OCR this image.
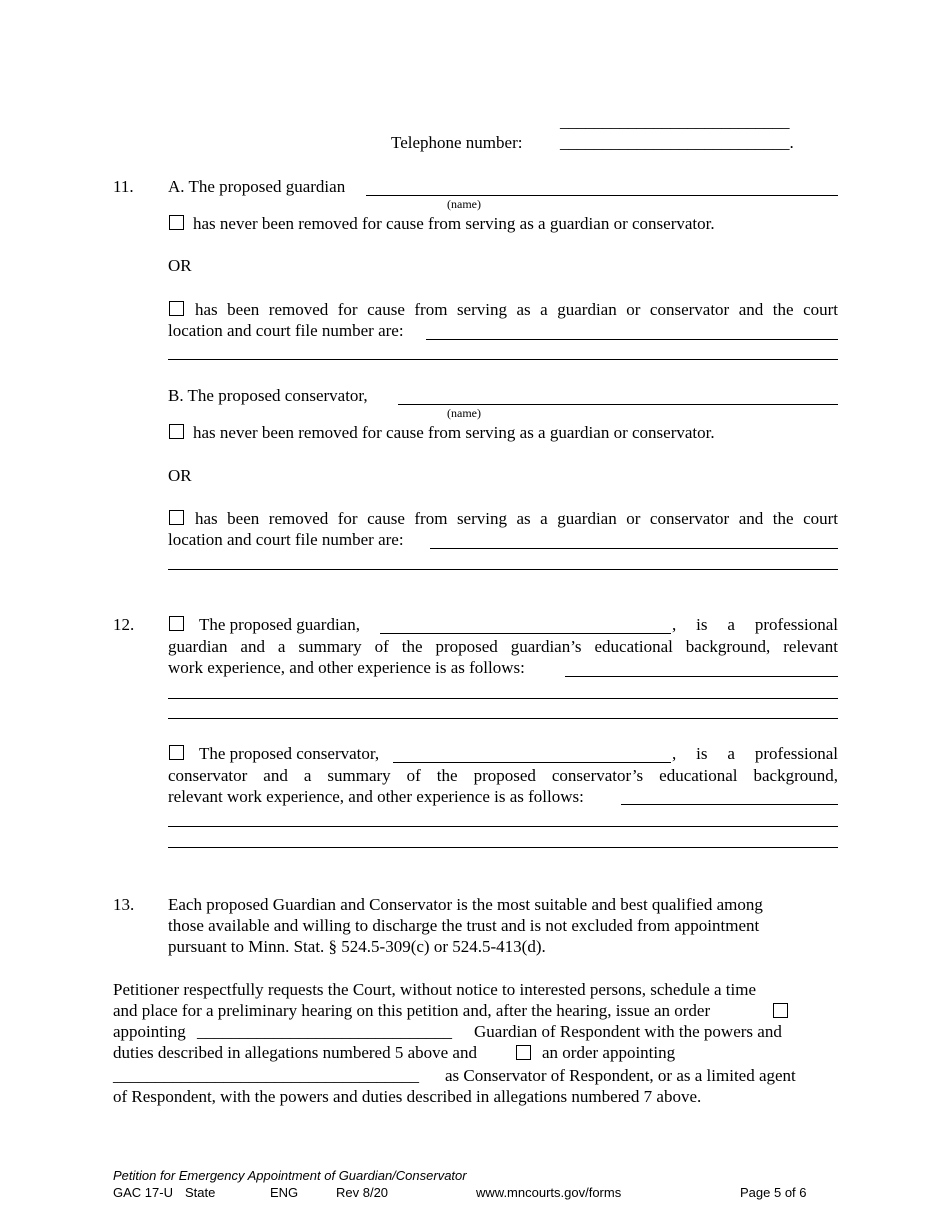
___________________________
Telephone number: ___________________________.
11. A. The proposed guardian
(name)
has never been removed for cause from serving as a guardian or conservator.
OR
has been removed for cause from serving as a guardian or conservator and the court
location and court file number are:
B. The proposed conservator,
(name)
has never been removed for cause from serving as a guardian or conservator.
OR
has been removed for cause from serving as a guardian or conservator and the court
location and court file number are:
12.	The proposed guardian,	, is a professional
guardian and a summary of the proposed guardian’s educational background, relevant
work experience, and other experience is as follows:
The proposed conservator,	, is a professional
conservator and a summary of the proposed conservator’s educational background,
relevant work experience, and other experience is as follows:
13. Each proposed Guardian and Conservator is the most suitable and best qualified among
those available and willing to discharge the trust and is not excluded from appointment
pursuant to Minn. Stat. § 524.5-309(c) or 524.5-413(d).
Petitioner respectfully requests the Court, without notice to interested persons, schedule a time
and place for a preliminary hearing on this petition and, after the hearing, issue an order
appointing ______________________________ Guardian of Respondent with the powers and
duties described in allegations numbered 5 above and	an order appointing
____________________________________ as Conservator of Respondent, or as a limited agent
of Respondent, with the powers and duties described in allegations numbered 7 above.
Petition for Emergency Appointment of Guardian/Conservator
GAC 17-U State	ENG	Rev 8/20	www.mncourts.gov/forms	Page 5 of 6
